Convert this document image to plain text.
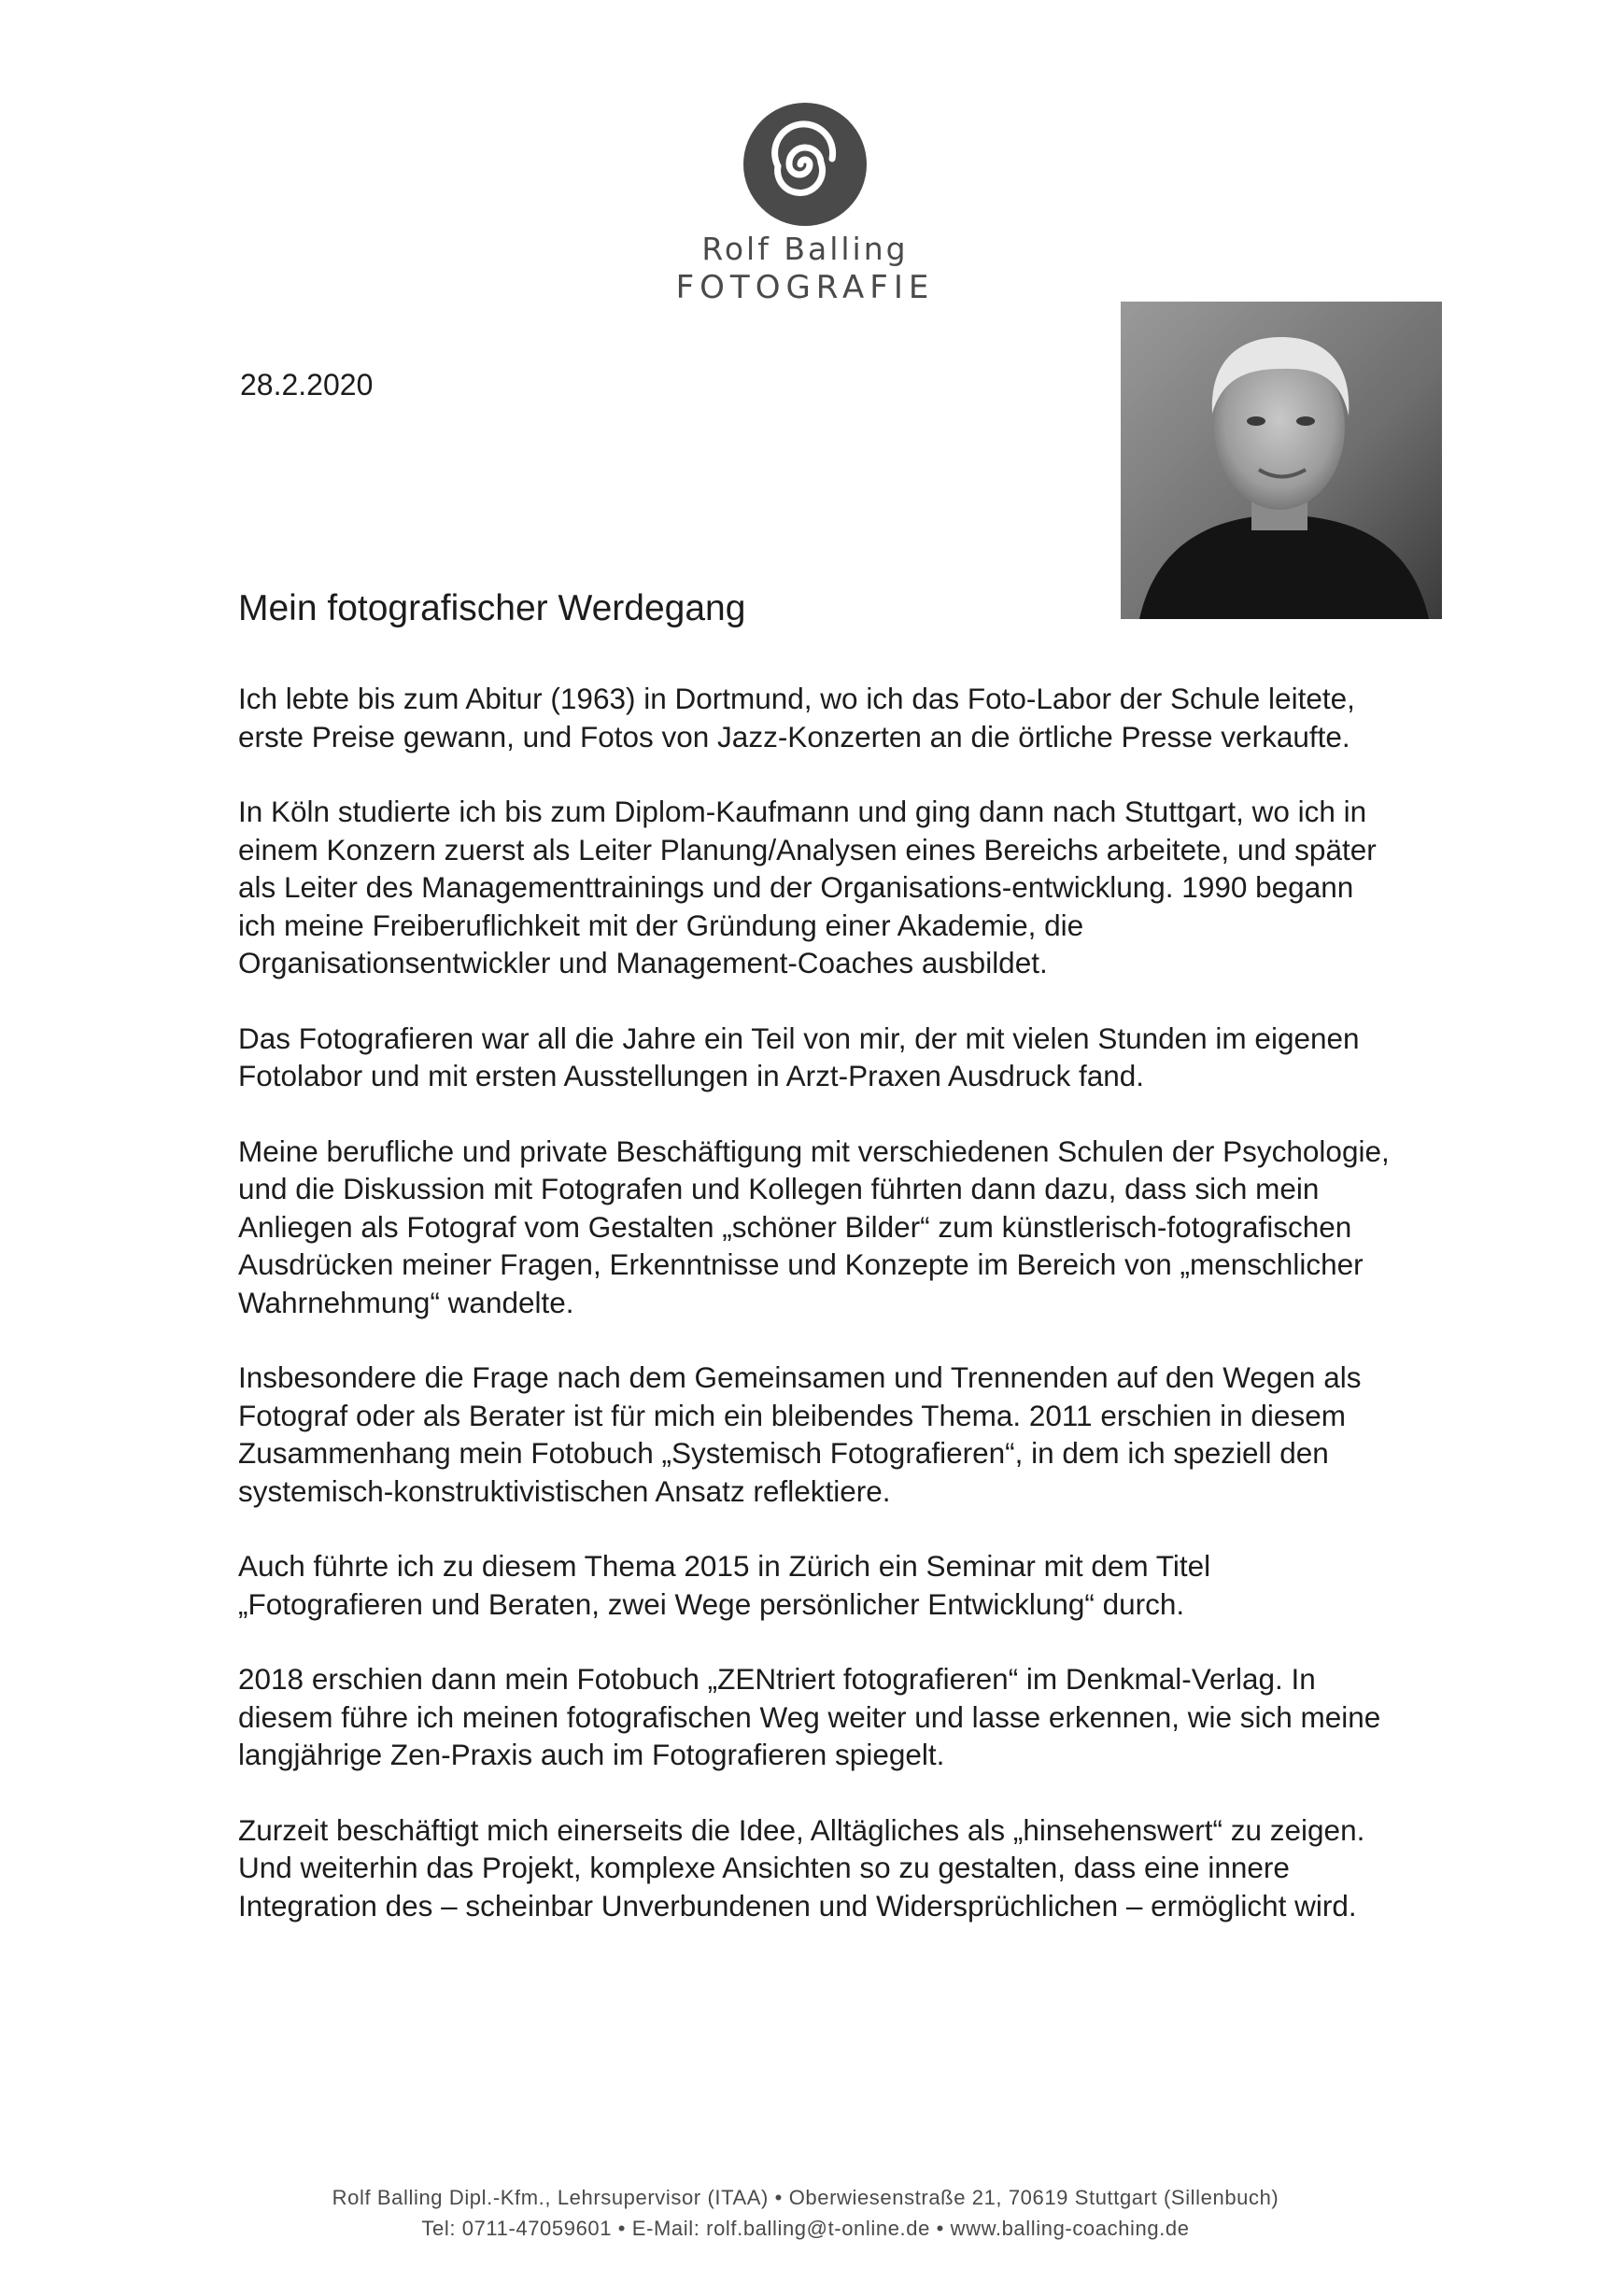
Rolf Balling
FOTOGRAFIE
28.2.2020
Mein fotografischer Werdegang

Ich lebte bis zum Abitur (1963) in Dortmund, wo ich das Foto-Labor der Schule leitete, erste Preise gewann, und Fotos von Jazz-Konzerten an die örtliche Presse verkaufte.

In Köln studierte ich bis zum Diplom-Kaufmann und ging dann nach Stuttgart, wo ich in einem Konzern zuerst als Leiter Planung/Analysen eines Bereichs arbeitete, und später als Leiter des Managementtrainings und der Organisations-entwicklung. 1990 begann ich meine Freiberuflichkeit mit der Gründung einer Akademie, die Organisationsentwickler und Management-Coaches ausbildet.

Das Fotografieren war all die Jahre ein Teil von mir, der mit vielen Stunden im eigenen Fotolabor und mit ersten Ausstellungen in Arzt-Praxen Ausdruck fand.

Meine berufliche und private Beschäftigung mit verschiedenen Schulen der Psychologie, und die Diskussion mit Fotografen und Kollegen führten dann dazu, dass sich mein Anliegen als Fotograf vom Gestalten „schöner Bilder“ zum künstlerisch-fotografischen Ausdrücken meiner Fragen, Erkenntnisse und Konzepte im Bereich von „menschlicher Wahrnehmung“ wandelte.

Insbesondere die Frage nach dem Gemeinsamen und Trennenden auf den Wegen als Fotograf oder als Berater ist für mich ein bleibendes Thema. 2011 erschien in diesem Zusammenhang mein Fotobuch „Systemisch Fotografieren“, in dem ich speziell den systemisch-konstruktivistischen Ansatz reflektiere.

Auch führte ich zu diesem Thema 2015 in Zürich ein Seminar mit dem Titel „Fotografieren und Beraten, zwei Wege persönlicher Entwicklung“ durch.

2018 erschien dann mein Fotobuch „ZENtriert fotografieren“ im Denkmal-Verlag. In diesem führe ich meinen fotografischen Weg weiter und lasse erkennen, wie sich meine langjährige Zen-Praxis auch im Fotografieren spiegelt.

Zurzeit beschäftigt mich einerseits die Idee, Alltägliches als „hinsehenswert“ zu zeigen. Und weiterhin das Projekt, komplexe Ansichten so zu gestalten, dass eine innere Integration des – scheinbar Unverbundenen und Widersprüchlichen – ermöglicht wird.

Rolf Balling Dipl.-Kfm., Lehrsupervisor (ITAA) • Oberwiesenstraße 21, 70619 Stuttgart (Sillenbuch)
Tel: 0711-47059601 • E-Mail: rolf.balling@t-online.de • www.balling-coaching.de
